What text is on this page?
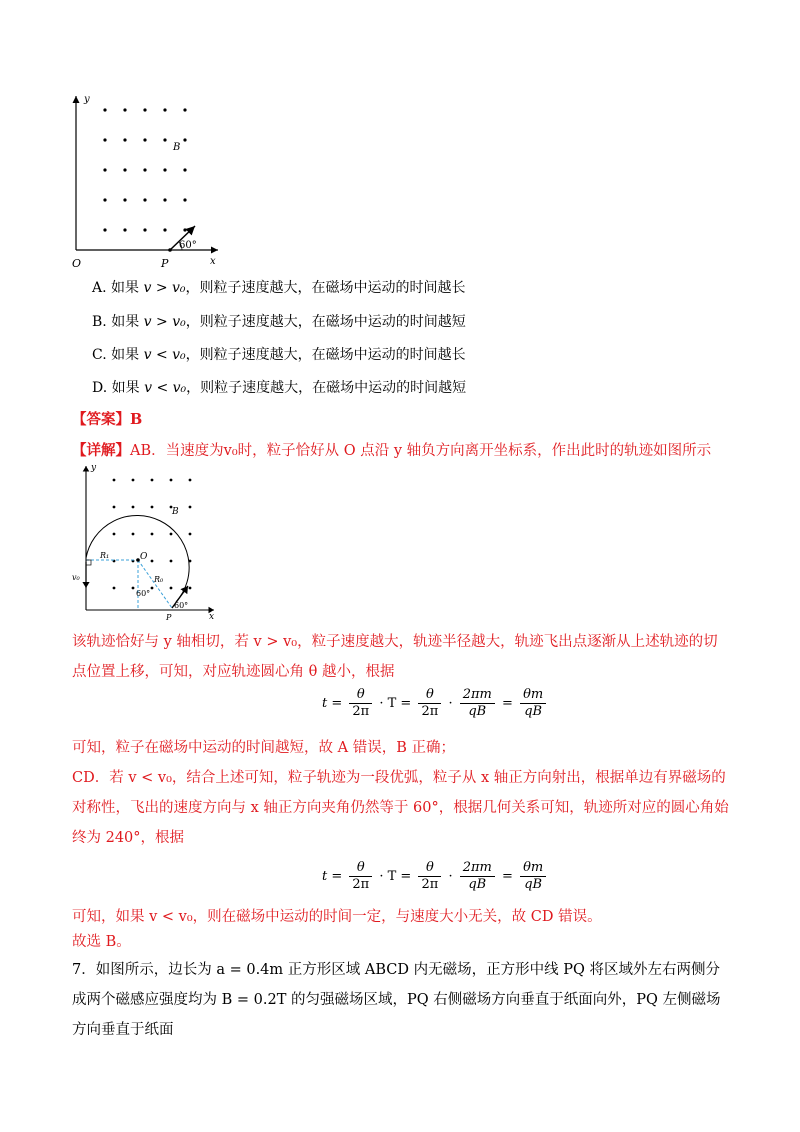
y
x
O	P
B
60°
A. 如果 v > v₀，则粒子速度越大，在磁场中运动的时间越长
B. 如果 v > v₀，则粒子速度越大，在磁场中运动的时间越短
C. 如果 v < v₀，则粒子速度越大，在磁场中运动的时间越长
D. 如果 v < v₀，则粒子速度越大，在磁场中运动的时间越短
【答案】B
【详解】AB．当速度为v₀时，粒子恰好从 O 点沿 y 轴负方向离开坐标系，作出此时的轨迹如图所示
y
x
B
O
R₁
R₀
v₀
60°
60°
P
该轨迹恰好与 y 轴相切，若 v > v₀，粒子速度越大，轨迹半径越大，轨迹飞出点逐渐从上述轨迹的切点位置上移，可知，对应轨迹圆心角 θ 越小，根据
$t = \frac{\theta}{2\pi} \cdot T = \frac{\theta}{2\pi} \cdot \frac{2\pi m}{qB} = \frac{\theta m}{qB}$
可知，粒子在磁场中运动的时间越短，故 A 错误，B 正确；
CD．若 v < v₀，结合上述可知，粒子轨迹为一段优弧，粒子从 x 轴正方向射出，根据单边有界磁场的对称性，飞出的速度方向与 x 轴正方向夹角仍然等于 60°，根据几何关系可知，轨迹所对应的圆心角始终为 240°，根据
$t = \frac{\theta}{2\pi} \cdot T = \frac{\theta}{2\pi} \cdot \frac{2\pi m}{qB} = \frac{\theta m}{qB}$
可知，如果 v < v₀，则在磁场中运动的时间一定，与速度大小无关，故 CD 错误。
故选 B。
7．如图所示，边长为 a = 0.4m 正方形区域 ABCD 内无磁场，正方形中线 PQ 将区域外左右两侧分成两个磁感应强度均为 B = 0.2T 的匀强磁场区域，PQ 右侧磁场方向垂直于纸面向外，PQ 左侧磁场方向垂直于纸面
